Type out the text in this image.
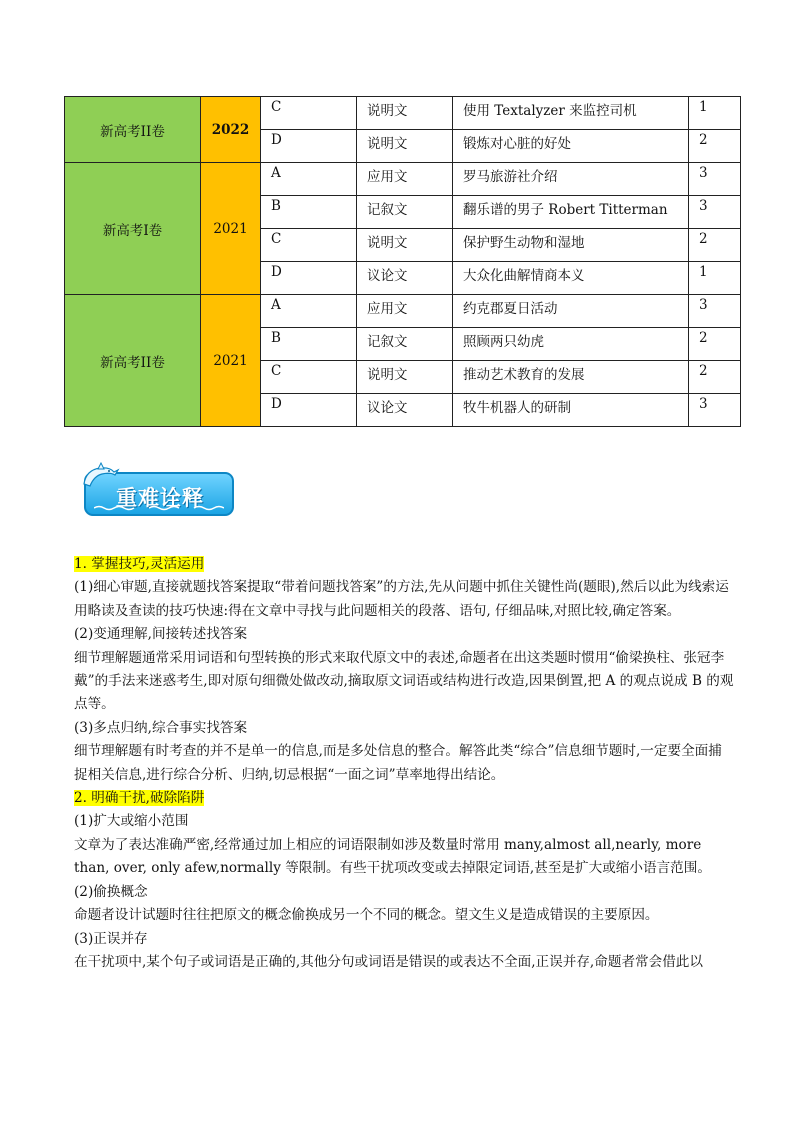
新高考II卷	2022	C	说明文	使用 Textalyzer 来监控司机	1
		D	说明文	锻炼对心脏的好处	2
新高考I卷	2021	A	应用文	罗马旅游社介绍	3
		B	记叙文	翻乐谱的男子 Robert Titterman	3
		C	说明文	保护野生动物和湿地	2
		D	议论文	大众化曲解情商本义	1
新高考II卷	2021	A	应用文	约克郡夏日活动	3
		B	记叙文	照顾两只幼虎	2
		C	说明文	推动艺术教育的发展	2
		D	议论文	牧牛机器人的研制	3
重难诠释

1. 掌握技巧,灵活运用

(1)细心审题,直接就题找答案提取“带着问题找答案”的方法,先从问题中抓住关键性尚(题眼),然后以此为线索运用略读及查读的技巧快速:得在文章中寻找与此问题相关的段落、语句, 仔细品味,对照比较,确定答案。

(2)变通理解,间接转述找答案

细节理解题通常采用词语和句型转换的形式来取代原文中的表述,命题者在出这类题时惯用“偷梁换柱、张冠李戴”的手法来迷惑考生,即对原句细微处做改动,摘取原文词语或结构进行改造,因果倒置,把 A 的观点说成 B 的观点等。

(3)多点归纳,综合事实找答案

细节理解题有时考查的并不是单一的信息,而是多处信息的整合。解答此类“综合”信息细节题时,一定要全面捕捉相关信息,进行综合分析、归纳,切忌根据“一面之词”草率地得出结论。

2. 明确干扰,破除陷阱

(1)扩大或缩小范围

文章为了表达准确严密,经常通过加上相应的词语限制如涉及数量时常用 many,almost all,nearly, more than, over, only afew,normally 等限制。有些干扰项改变或去掉限定词语,甚至是扩大或缩小语言范围。

(2)偷换概念

命题者设计试题时往往把原文的概念偷换成另一个不同的概念。望文生义是造成错误的主要原因。

(3)正误并存

在干扰项中,某个句子或词语是正确的,其他分句或词语是错误的或表达不全面,正误并存,命题者常会借此以
